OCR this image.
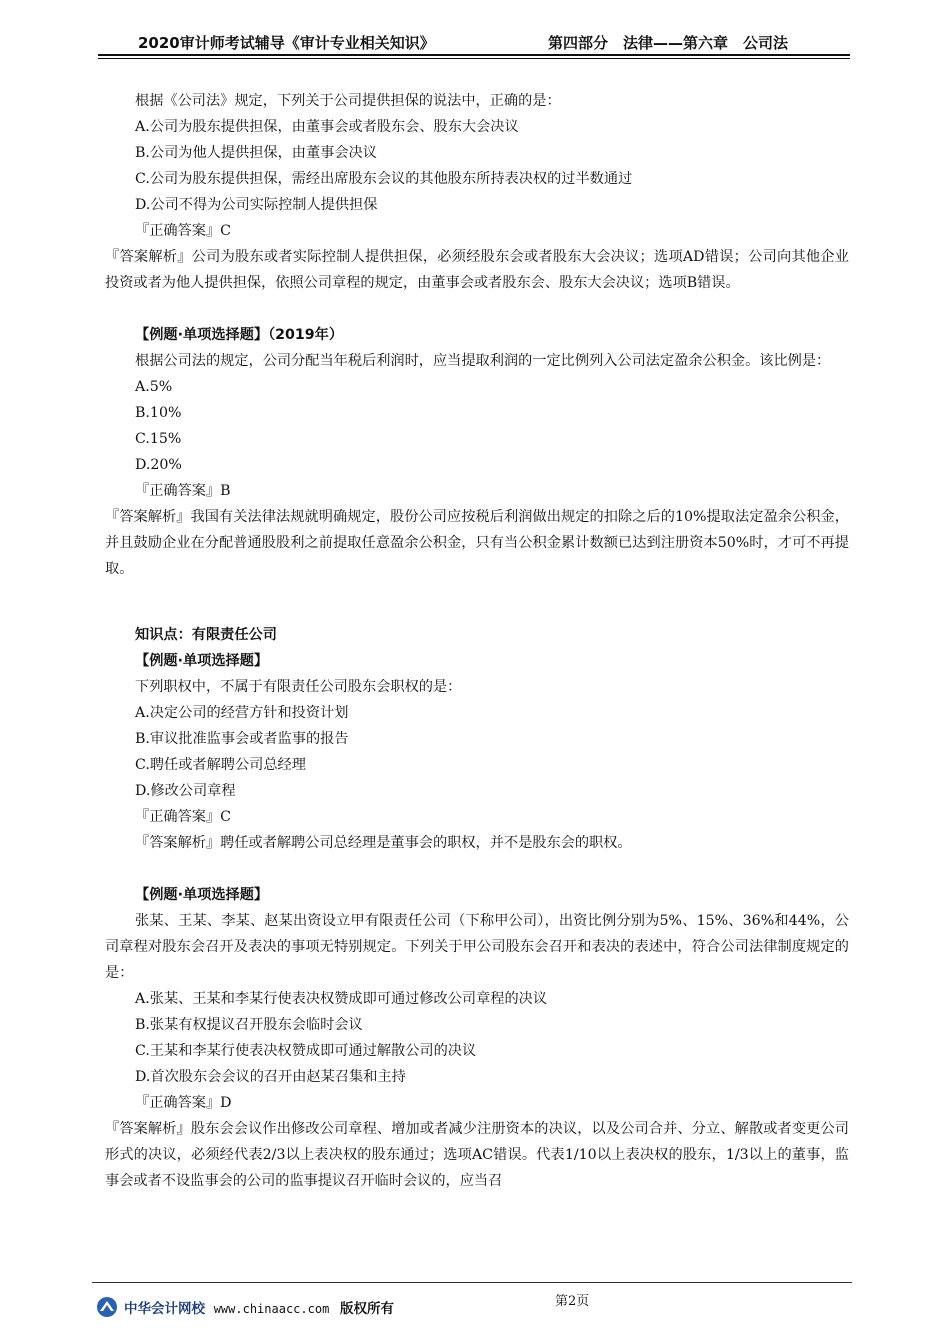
2020审计师考试辅导《审计专业相关知识》	第四部分　法律——第六章　公司法

根据《公司法》规定，下列关于公司提供担保的说法中，正确的是：

A.公司为股东提供担保，由董事会或者股东会、股东大会决议

B.公司为他人提供担保，由董事会决议

C.公司为股东提供担保，需经出席股东会议的其他股东所持表决权的过半数通过

D.公司不得为公司实际控制人提供担保

『正确答案』C

『答案解析』公司为股东或者实际控制人提供担保，必须经股东会或者股东大会决议；选项AD错误；公司向其他企业投资或者为他人提供担保，依照公司章程的规定，由董事会或者股东会、股东大会决议；选项B错误。

【例题·单项选择题】（2019年）

根据公司法的规定，公司分配当年税后利润时，应当提取利润的一定比例列入公司法定盈余公积金。该比例是：

A.5%

B.10%

C.15%

D.20%

『正确答案』B

『答案解析』我国有关法律法规就明确规定，股份公司应按税后利润做出规定的扣除之后的10%提取法定盈余公积金，并且鼓励企业在分配普通股股利之前提取任意盈余公积金，只有当公积金累计数额已达到注册资本50%时，才可不再提取。

知识点：有限责任公司

【例题·单项选择题】

下列职权中，不属于有限责任公司股东会职权的是：

A.决定公司的经营方针和投资计划

B.审议批准监事会或者监事的报告

C.聘任或者解聘公司总经理

D.修改公司章程

『正确答案』C

『答案解析』聘任或者解聘公司总经理是董事会的职权，并不是股东会的职权。

【例题·单项选择题】

张某、王某、李某、赵某出资设立甲有限责任公司（下称甲公司），出资比例分别为5%、15%、36%和44%，公司章程对股东会召开及表决的事项无特别规定。下列关于甲公司股东会召开和表决的表述中，符合公司法律制度规定的是：

A.张某、王某和李某行使表决权赞成即可通过修改公司章程的决议

B.张某有权提议召开股东会临时会议

C.王某和李某行使表决权赞成即可通过解散公司的决议

D.首次股东会会议的召开由赵某召集和主持

『正确答案』D

『答案解析』股东会会议作出修改公司章程、增加或者减少注册资本的决议，以及公司合并、分立、解散或者变更公司形式的决议，必须经代表2/3以上表决权的股东通过；选项AC错误。代表1/10以上表决权的股东，1/3以上的董事，监事会或者不设监事会的公司的监事提议召开临时会议的，应当召

第2页
中华会计网校 www.chinaacc.com 版权所有
